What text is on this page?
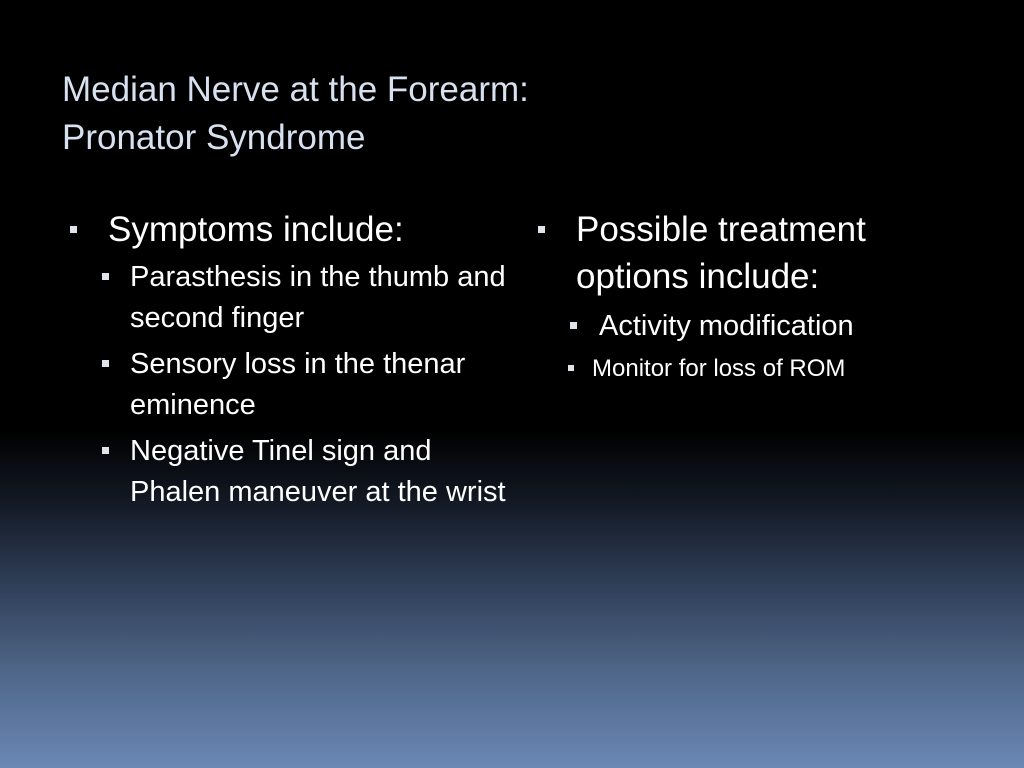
Median Nerve at the Forearm:
Pronator Syndrome
Symptoms include:
Parasthesis in the thumb and second finger
Sensory loss in the thenar eminence
Negative Tinel sign and Phalen maneuver at the wrist
Possible treatment options include:
Activity modification
Monitor for loss of ROM
